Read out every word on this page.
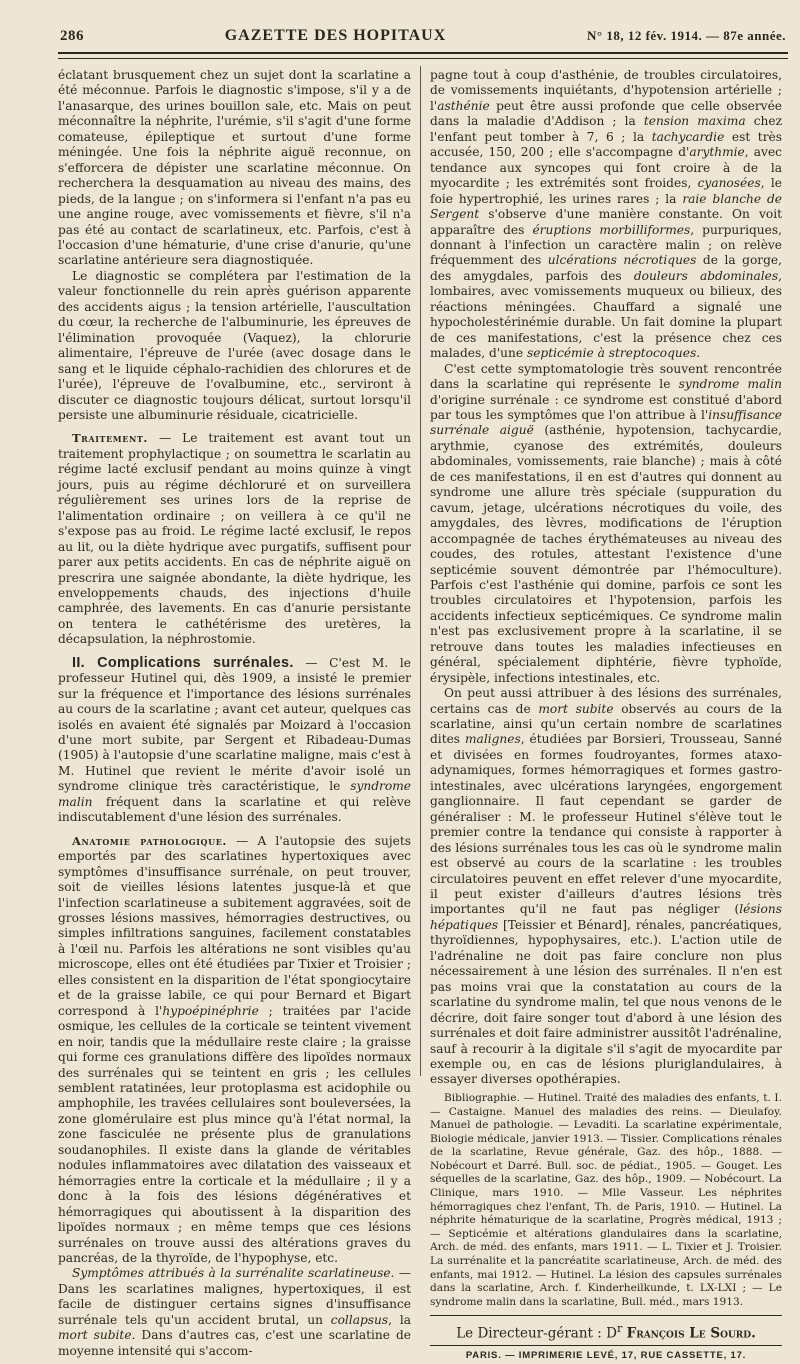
286	GAZETTE DES HOPITAUX	N° 18, 12 fév. 1914. — 87e année.

éclatant brusquement chez un sujet dont la scarlatine a été méconnue. Parfois le diagnostic s'impose, s'il y a de l'anasarque, des urines bouillon sale, etc. Mais on peut méconnaître la néphrite, l'urémie, s'il s'agit d'une forme comateuse, épileptique et surtout d'une forme méningée. Une fois la néphrite aiguë reconnue, on s'efforcera de dépister une scarlatine méconnue. On recherchera la desquamation au niveau des mains, des pieds, de la langue ; on s'informera si l'enfant n'a pas eu une angine rouge, avec vomissements et fièvre, s'il n'a pas été au contact de scarlatineux, etc. Parfois, c'est à l'occasion d'une hématurie, d'une crise d'anurie, qu'une scarlatine antérieure sera diagnostiquée.

Le diagnostic se complétera par l'estimation de la valeur fonctionnelle du rein après guérison apparente des accidents aigus ; la tension artérielle, l'auscultation du cœur, la recherche de l'albuminurie, les épreuves de l'élimination provoquée (Vaquez), la chlorurie alimentaire, l'épreuve de l'urée (avec dosage dans le sang et le liquide céphalo-rachidien des chlorures et de l'urée), l'épreuve de l'ovalbumine, etc., serviront à discuter ce diagnostic toujours délicat, surtout lorsqu'il persiste une albuminurie résiduale, cicatricielle.

Traitement. — Le traitement est avant tout un traitement prophylactique ; on soumettra le scarlatin au régime lacté exclusif pendant au moins quinze à vingt jours, puis au régime déchloruré et on surveillera régulièrement ses urines lors de la reprise de l'alimentation ordinaire ; on veillera à ce qu'il ne s'expose pas au froid. Le régime lacté exclusif, le repos au lit, ou la diète hydrique avec purgatifs, suffisent pour parer aux petits accidents. En cas de néphrite aiguë on prescrira une saignée abondante, la diète hydrique, les enveloppements chauds, des injections d'huile camphrée, des lavements. En cas d'anurie persistante on tentera le cathétérisme des uretères, la décapsulation, la néphrostomie.

II. Complications surrénales. — C'est M. le professeur Hutinel qui, dès 1909, a insisté le premier sur la fréquence et l'importance des lésions surrénales au cours de la scarlatine ; avant cet auteur, quelques cas isolés en avaient été signalés par Moizard à l'occasion d'une mort subite, par Sergent et Ribadeau-Dumas (1905) à l'autopsie d'une scarlatine maligne, mais c'est à M. Hutinel que revient le mérite d'avoir isolé un syndrome clinique très caractéristique, le syndrome malin fréquent dans la scarlatine et qui relève indiscutablement d'une lésion des surrénales.

Anatomie pathologique. — A l'autopsie des sujets emportés par des scarlatines hypertoxiques avec symptômes d'insuffisance surrénale, on peut trouver, soit de vieilles lésions latentes jusque-là et que l'infection scarlatineuse a subitement aggravées, soit de grosses lésions massives, hémorragies destructives, ou simples infiltrations sanguines, facilement constatables à l'œil nu. Parfois les altérations ne sont visibles qu'au microscope, elles ont été étudiées par Tixier et Troisier ; elles consistent en la disparition de l'état spongiocytaire et de la graisse labile, ce qui pour Bernard et Bigart correspond à l'hypoépinéphrie ; traitées par l'acide osmique, les cellules de la corticale se teintent vivement en noir, tandis que la médullaire reste claire ; la graisse qui forme ces granulations diffère des lipoïdes normaux des surrénales qui se teintent en gris ; les cellules semblent ratatinées, leur protoplasma est acidophile ou amphophile, les travées cellulaires sont bouleversées, la zone glomérulaire est plus mince qu'à l'état normal, la zone fasciculée ne présente plus de granulations soudanophiles. Il existe dans la glande de véritables nodules inflammatoires avec dilatation des vaisseaux et hémorragies entre la corticale et la médullaire ; il y a donc à la fois des lésions dégénératives et hémorragiques qui aboutissent à la disparition des lipoïdes normaux ; en même temps que ces lésions surrénales on trouve aussi des altérations graves du pancréas, de la thyroïde, de l'hypophyse, etc.

Symptômes attribués à la surrénalite scarlatineuse. — Dans les scarlatines malignes, hypertoxiques, il est facile de distinguer certains signes d'insuffisance surrénale tels qu'un accident brutal, un collapsus, la mort subite. Dans d'autres cas, c'est une scarlatine de moyenne intensité qui s'accom-

pagne tout à coup d'asthénie, de troubles circulatoires, de vomissements inquiétants, d'hypotension artérielle ; l'asthénie peut être aussi profonde que celle observée dans la maladie d'Addison ; la tension maxima chez l'enfant peut tomber à 7, 6 ; la tachycardie est très accusée, 150, 200 ; elle s'accompagne d'arythmie, avec tendance aux syncopes qui font croire à de la myocardite ; les extrémités sont froides, cyanosées, le foie hypertrophié, les urines rares ; la raie blanche de Sergent s'observe d'une manière constante. On voit apparaître des éruptions morbilliformes, purpuriques, donnant à l'infection un caractère malin ; on relève fréquemment des ulcérations nécrotiques de la gorge, des amygdales, parfois des douleurs abdominales, lombaires, avec vomissements muqueux ou bilieux, des réactions méningées. Chauffard a signalé une hypocholestérinémie durable. Un fait domine la plupart de ces manifestations, c'est la présence chez ces malades, d'une septicémie à streptocoques.

C'est cette symptomatologie très souvent rencontrée dans la scarlatine qui représente le syndrome malin d'origine surrénale : ce syndrome est constitué d'abord par tous les symptômes que l'on attribue à l'insuffisance surrénale aiguë (asthénie, hypotension, tachycardie, arythmie, cyanose des extrémités, douleurs abdominales, vomissements, raie blanche) ; mais à côté de ces manifestations, il en est d'autres qui donnent au syndrome une allure très spéciale (suppuration du cavum, jetage, ulcérations nécrotiques du voile, des amygdales, des lèvres, modifications de l'éruption accompagnée de taches érythémateuses au niveau des coudes, des rotules, attestant l'existence d'une septicémie souvent démontrée par l'hémoculture). Parfois c'est l'asthénie qui domine, parfois ce sont les troubles circulatoires et l'hypotension, parfois les accidents infectieux septicémiques. Ce syndrome malin n'est pas exclusivement propre à la scarlatine, il se retrouve dans toutes les maladies infectieuses en général, spécialement diphtérie, fièvre typhoïde, érysipèle, infections intestinales, etc.

On peut aussi attribuer à des lésions des surrénales, certains cas de mort subite observés au cours de la scarlatine, ainsi qu'un certain nombre de scarlatines dites malignes, étudiées par Borsieri, Trousseau, Sanné et divisées en formes foudroyantes, formes ataxo-adynamiques, formes hémorragiques et formes gastro-intestinales, avec ulcérations laryngées, engorgement ganglionnaire. Il faut cependant se garder de généraliser : M. le professeur Hutinel s'élève tout le premier contre la tendance qui consiste à rapporter à des lésions surrénales tous les cas où le syndrome malin est observé au cours de la scarlatine : les troubles circulatoires peuvent en effet relever d'une myocardite, il peut exister d'ailleurs d'autres lésions très importantes qu'il ne faut pas négliger (lésions hépatiques [Teissier et Bénard], rénales, pancréatiques, thyroïdiennes, hypophysaires, etc.). L'action utile de l'adrénaline ne doit pas faire conclure non plus nécessairement à une lésion des surrénales. Il n'en est pas moins vrai que la constatation au cours de la scarlatine du syndrome malin, tel que nous venons de le décrire, doit faire songer tout d'abord à une lésion des surrénales et doit faire administrer aussitôt l'adrénaline, sauf à recourir à la digitale s'il s'agit de myocardite par exemple ou, en cas de lésions pluriglandulaires, à essayer diverses opothérapies.

Bibliographie. — Hutinel. Traité des maladies des enfants, t. I. — Castaigne. Manuel des maladies des reins. — Dieulafoy. Manuel de pathologie. — Levaditi. La scarlatine expérimentale, Biologie médicale, janvier 1913. — Tissier. Complications rénales de la scarlatine, Revue générale, Gaz. des hôp., 1888. — Nobécourt et Darré. Bull. soc. de pédiat., 1905. — Gouget. Les séquelles de la scarlatine, Gaz. des hôp., 1909. — Nobécourt. La Clinique, mars 1910. — Mlle Vasseur. Les néphrites hémorragiques chez l'enfant, Th. de Paris, 1910. — Hutinel. La néphrite hématurique de la scarlatine, Progrès médical, 1913 ; — Septicémie et altérations glandulaires dans la scarlatine, Arch. de méd. des enfants, mars 1911. — L. Tixier et J. Troisier. La surrénalite et la pancréatite scarlatineuse, Arch. de méd. des enfants, mai 1912. — Hutinel. La lésion des capsules surrénales dans la scarlatine, Arch. f. Kinderheilkunde, t. LX-LXI ; — Le syndrome malin dans la scarlatine, Bull. méd., mars 1913.

Le Directeur-gérant : $D^r$ François Le Sourd.
PARIS. — IMPRIMERIE LEVÉ, 17, RUE CASSETTE, 17.
